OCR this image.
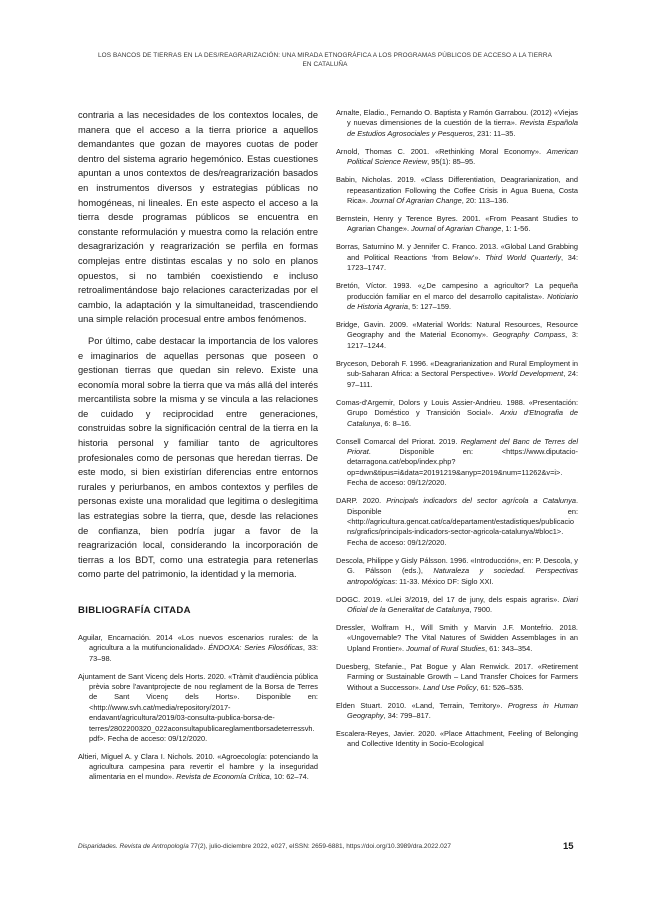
LOS BANCOS DE TIERRAS EN LA DES/REAGRARIZACIÓN: UNA MIRADA ETNOGRÁFICA A LOS PROGRAMAS PÚBLICOS DE ACCESO A LA TIERRA
EN CATALUÑA

contraria a las necesidades de los contextos locales, de manera que el acceso a la tierra priorice a aquellos demandantes que gozan de mayores cuotas de poder dentro del sistema agrario hegemónico. Estas cuestiones apuntan a unos contextos de des/reagrarización basados en instrumentos diversos y estrategias públicas no homogéneas, ni lineales. En este aspecto el acceso a la tierra desde programas públicos se encuentra en constante reformulación y muestra como la relación entre desagrarización y reagrarización se perfila en formas complejas entre distintas escalas y no solo en planos opuestos, si no también coexistiendo e incluso retroalimentándose bajo relaciones caracterizadas por el cambio, la adaptación y la simultaneidad, trascendiendo una simple relación procesual entre ambos fenómenos.

Por último, cabe destacar la importancia de los valores e imaginarios de aquellas personas que poseen o gestionan tierras que quedan sin relevo. Existe una economía moral sobre la tierra que va más allá del interés mercantilista sobre la misma y se vincula a las relaciones de cuidado y reciprocidad entre generaciones, construidas sobre la significación central de la tierra en la historia personal y familiar tanto de agricultores profesionales como de personas que heredan tierras. De este modo, si bien existirían diferencias entre entornos rurales y periurbanos, en ambos contextos y perfiles de personas existe una moralidad que legitima o deslegitima las estrategias sobre la tierra, que, desde las relaciones de confianza, bien podría jugar a favor de la reagrarización local, considerando la incorporación de tierras a los BDT, como una estrategia para retenerlas como parte del patrimonio, la identidad y la memoria.

BIBLIOGRAFÍA CITADA

Aguilar, Encarnación. 2014 «Los nuevos escenarios rurales: de la agricultura a la mutifuncionalidad». ÉNDOXA: Series Filosóficas, 33: 73–98.

Ajuntament de Sant Vicenç dels Horts. 2020. «Tràmit d'audiència pública prèvia sobre l'avantprojecte de nou reglament de la Borsa de Terres de Sant Vicenç dels Horts». Disponible en: <http://www.svh.cat/media/repository/2017-endavant/agricultura/2019/03-consulta-publica-borsa-de-terres/2802200320_022aconsultapublicareglamentborsadeterressvh.pdf>. Fecha de acceso: 09/12/2020.

Altieri, Miguel A. y Clara I. Nichols. 2010. «Agroecología: potenciando la agricultura campesina para revertir el hambre y la inseguridad alimentaria en el mundo». Revista de Economía Crítica, 10: 62–74.

Arnalte, Eladio., Fernando O. Baptista y Ramón Garrabou. (2012) «Viejas y nuevas dimensiones de la cuestión de la tierra». Revista Española de Estudios Agrosociales y Pesqueros, 231: 11–35.

Arnold, Thomas C. 2001. «Rethinking Moral Economy». American Political Science Review, 95(1): 85–95.

Babin, Nicholas. 2019. «Class Differentiation, Deagrarianization, and repeasantization Following the Coffee Crisis in Agua Buena, Costa Rica». Journal Of Agrarian Change, 20: 113–136.

Bernstein, Henry y Terence Byres. 2001. «From Peasant Studies to Agrarian Change». Journal of Agrarian Change, 1: 1-56.

Borras, Saturnino M. y Jennifer C. Franco. 2013. «Global Land Grabbing and Political Reactions ‘from Below’». Third World Quarterly, 34: 1723–1747.

Bretón, Víctor. 1993. «¿De campesino a agricultor? La pequeña producción familiar en el marco del desarrollo capitalista». Noticiario de Historia Agraria, 5: 127–159.

Bridge, Gavin. 2009. «Material Worlds: Natural Resources, Resource Geography and the Material Economy». Geography Compass, 3: 1217–1244.

Bryceson, Deborah F. 1996. «Deagrarianization and Rural Employment in sub-Saharan Africa: a Sectoral Perspective». World Development, 24: 97–111.

Comas-d'Argemir, Dolors y Louis Assier-Andrieu. 1988. «Presentación: Grupo Doméstico y Transición Social». Arxiu d'Etnografia de Catalunya, 6: 8–16.

Consell Comarcal del Priorat. 2019. Reglament del Banc de Terres del Priorat. Disponible en: <https://www.diputacio-detarragona.cat/ebop/index.php?op=dwn&tipus=i&data=20191219&anyp=2019&num=11262&v=i>. Fecha de acceso: 09/12/2020.

DARP. 2020. Principals indicadors del sector agrícola a Catalunya. Disponible en: <http://agricultura.gencat.cat/ca/departament/estadistiques/publicacions/grafics/principals-indicadors-sector-agricola-catalunya/#bloc1>. Fecha de acceso: 09/12/2020.

Descola, Philippe y Gisly Pálsson. 1996. «Introducción», en: P. Descola, y G. Pálsson (eds.), Naturaleza y sociedad. Perspectivas antropológicas: 11-33. México DF: Siglo XXI.

DOGC. 2019. «Llei 3/2019, del 17 de juny, dels espais agraris». Diari Oficial de la Generalitat de Catalunya, 7900.

Dressler, Wolfram H., Will Smith y Marvin J.F. Montefrio. 2018. «Ungovernable? The Vital Natures of Swidden Assemblages in an Upland Frontier». Journal of Rural Studies, 61: 343–354.

Duesberg, Stefanie., Pat Bogue y Alan Renwick. 2017. «Retirement Farming or Sustainable Growth – Land Transfer Choices for Farmers Without a Successor». Land Use Policy, 61: 526–535.

Elden Stuart. 2010. «Land, Terrain, Territory». Progress in Human Geography, 34: 799–817.

Escalera-Reyes, Javier. 2020. «Place Attachment, Feeling of Belonging and Collective Identity in Socio-Ecological

Disparidades. Revista de Antropología 77(2), julio-diciembre 2022, e027, eISSN: 2659-6881, https://doi.org/10.3989/dra.2022.027	15
